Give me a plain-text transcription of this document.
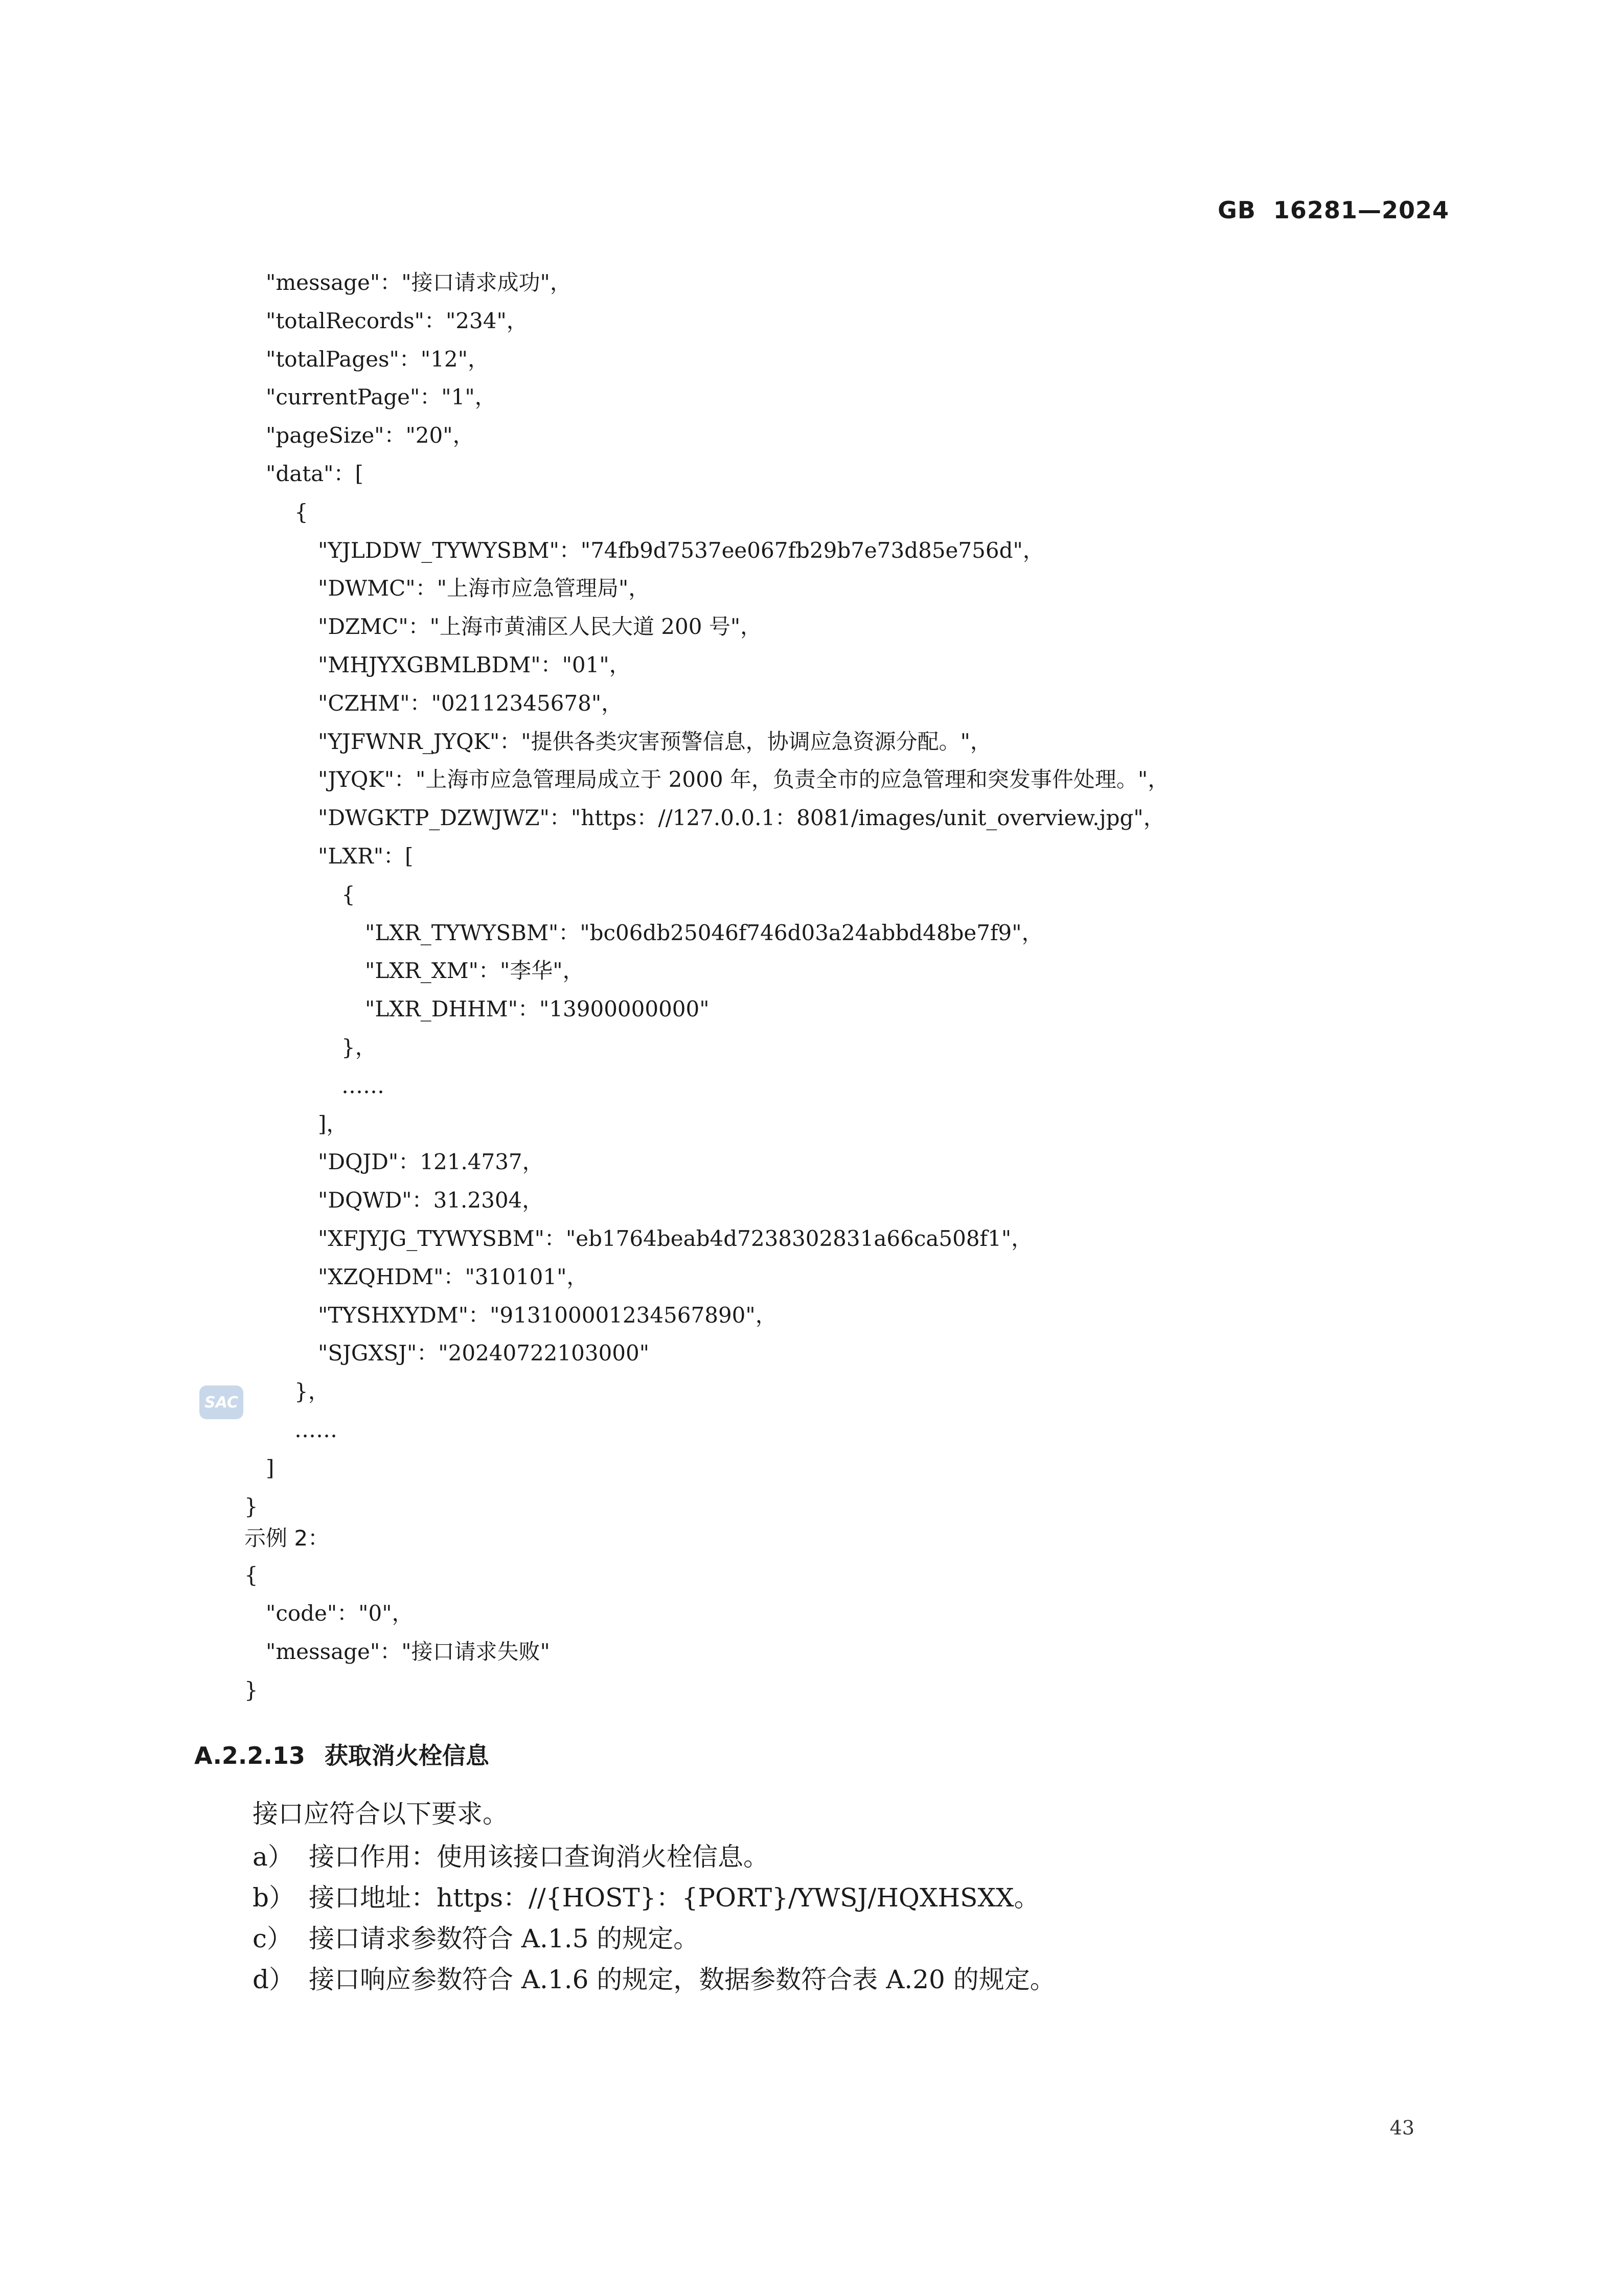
GB  16281—2024
"message"："接口请求成功"，
"totalRecords"："234"，
"totalPages"："12"，
"currentPage"："1"，
"pageSize"："20"，
"data"：[
{
"YJLDDW_TYWYSBM"："74fb9d7537ee067fb29b7e73d85e756d"，
"DWMC"："上海市应急管理局"，
"DZMC"："上海市黄浦区人民大道 200 号"，
"MHJYXGBMLBDM"："01"，
"CZHM"："02112345678"，
"YJFWNR_JYQK"："提供各类灾害预警信息，协调应急资源分配。"，
"JYQK"："上海市应急管理局成立于 2000 年，负责全市的应急管理和突发事件处理。"，
"DWGKTP_DZWJWZ"："https：//127.0.0.1：8081/images/unit_overview.jpg"，
"LXR"：[
{
"LXR_TYWYSBM"："bc06db25046f746d03a24abbd48be7f9"，
"LXR_XM"："李华"，
"LXR_DHHM"："13900000000"
}，
……
]，
"DQJD"：121.4737，
"DQWD"：31.2304，
"XFJYJG_TYWYSBM"："eb1764beab4d7238302831a66ca508f1"，
"XZQHDM"："310101"，
"TYSHXYDM"："913100001234567890"，
"SJGXSJ"："20240722103000"
}，
……
]
}
示例 2：
{
"code"："0"，
"message"："接口请求失败"
}
A.2.2.13 获取消火栓信息
接口应符合以下要求。
a） 接口作用：使用该接口查询消火栓信息。
b） 接口地址：https：//{HOST}：{PORT}/YWSJ/HQXHSXX。
c） 接口请求参数符合 A.1.5 的规定。
d） 接口响应参数符合 A.1.6 的规定，数据参数符合表 A.20 的规定。
43
SAC
